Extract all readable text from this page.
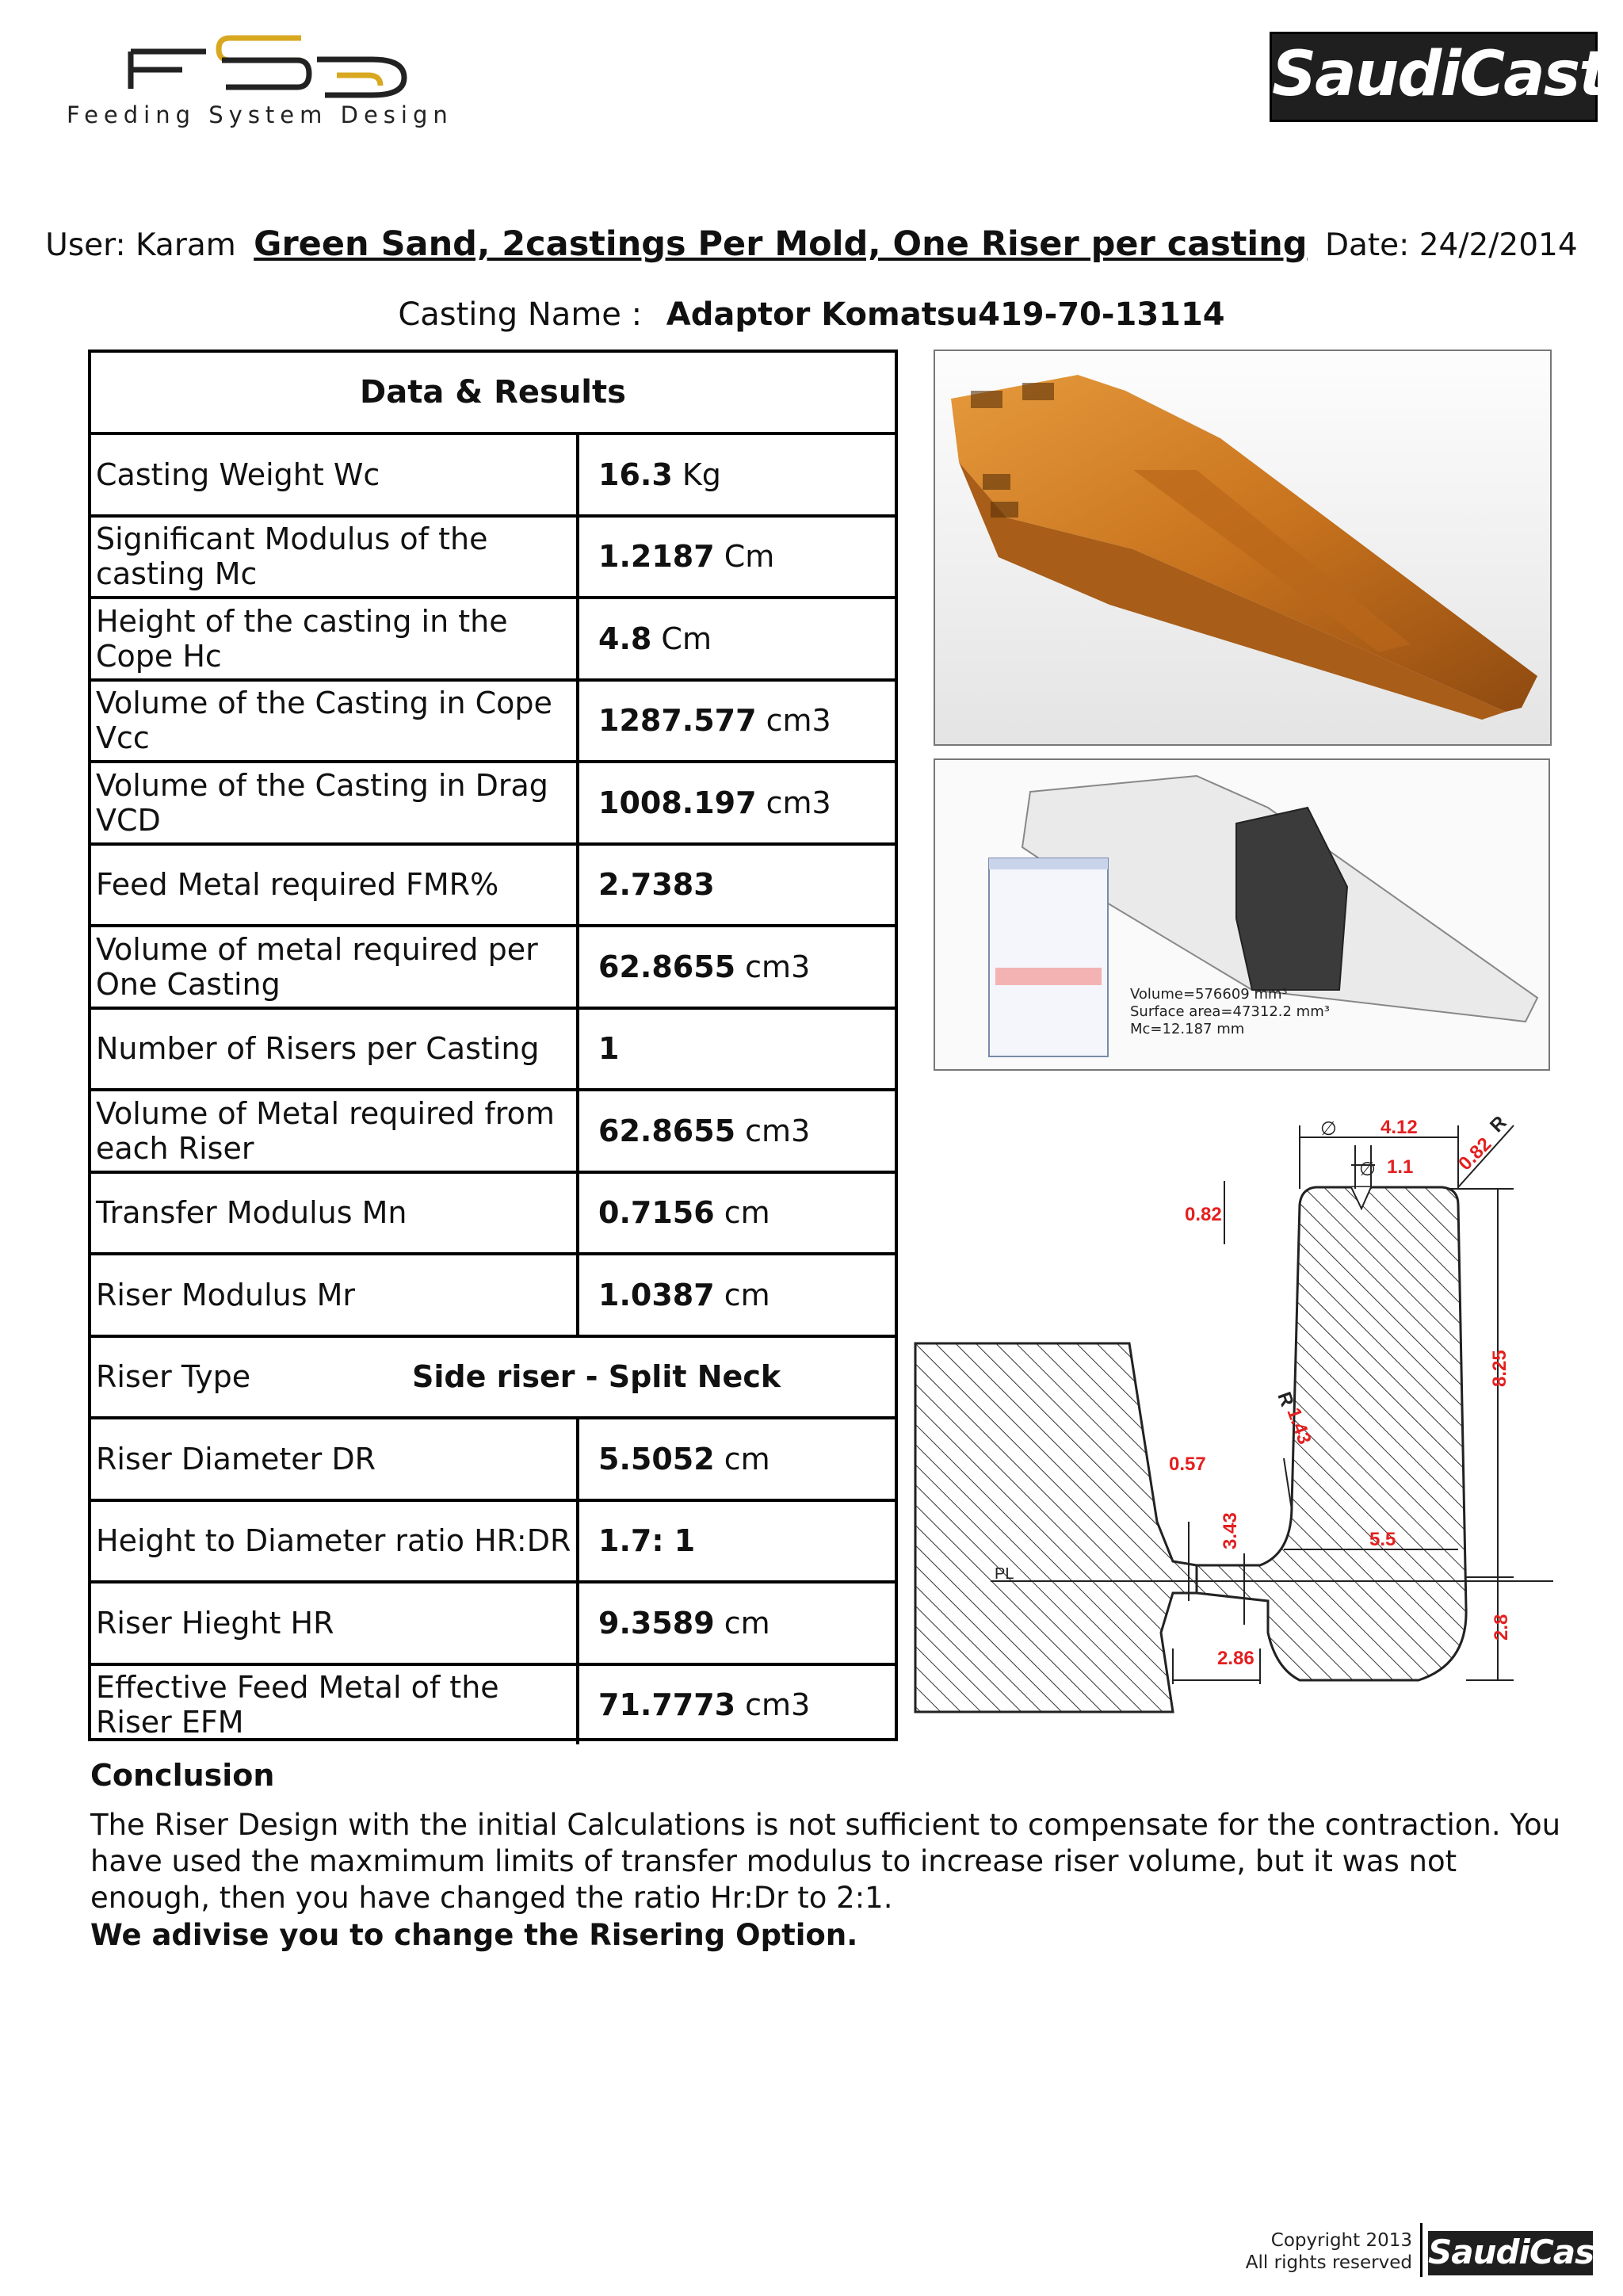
Feeding System Design
SaudiCast
User: Karam Green Sand, 2castings Per Mold, One Riser per casting Date: 24/2/2014
Casting Name : Adaptor Komatsu419-70-13114
Data & Results
Casting Weight Wc	16.3 Kg
Significant Modulus of the casting Mc	1.2187 Cm
Height of the casting in the Cope Hc	4.8 Cm
Volume of the Casting in Cope Vcc	1287.577 cm3
Volume of the Casting in Drag VCD	1008.197 cm3
Feed Metal required FMR%	2.7383
Volume of metal required per One Casting	62.8655 cm3
Number of Risers per Casting	1
Volume of Metal required from each Riser	62.8655 cm3
Transfer Modulus Mn	0.7156 cm
Riser Modulus Mr	1.0387 cm
Riser Type	Side riser - Split Neck
Riser Diameter DR	5.5052 cm
Height to Diameter ratio HR:DR 1.7: 1
Riser Hieght HR	9.3589 cm
Effective Feed Metal of the Riser EFM	71.7773 cm3
Volume=576609 mm³
Surface area=47312.2 mm³
Mc=12.187 mm
∅ 4.12
∅ 1.1 0.82
R
0.82
8.25
1.43
R
0.57
3.43	5.5
2.8
2.86
PL
Conclusion
The Riser Design with the initial Calculations is not sufficient to compensate for the contraction. You have used the maxmimum limits of transfer modulus to increase riser volume, but it was not enough, then you have changed the ratio Hr:Dr to 2:1.
We adivise you to change the Risering Option.
Copyright 2013
All rights reserved SaudiCast
